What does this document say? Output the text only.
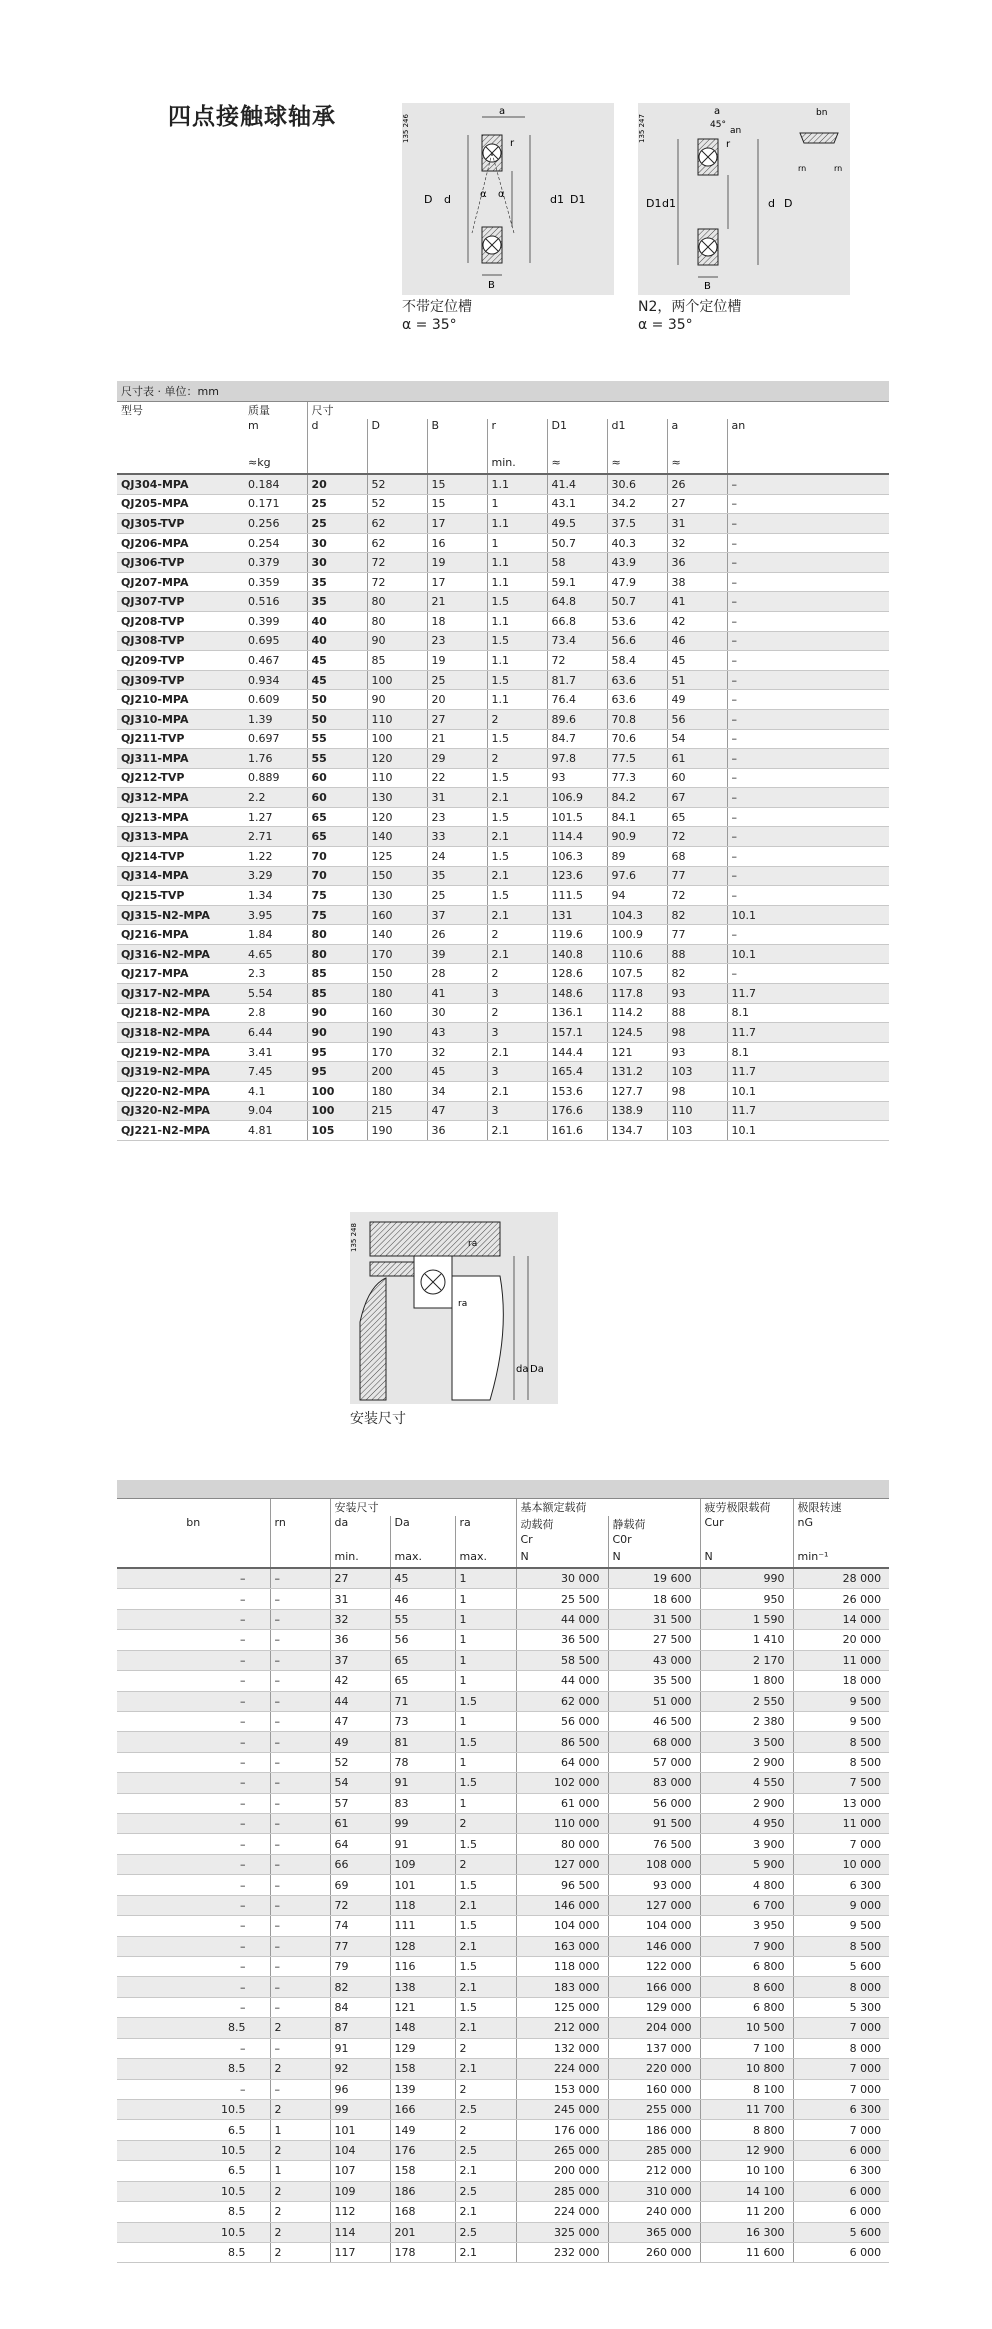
四点接触球轴承	135 246
a
r
α α
D d	d1 D1
B
不带定位槽
α = 35°
135 247
a
45°
r
an
bn
rn	rn
D1 d1	d D
B
N2，两个定位槽
α = 35°
尺寸表 · 单位：mm									
型号	质量	尺寸							
	m	d	D	B	r	D1	d1	a	an

	≈kg				min.	≈	≈	≈	
QJ304-MPA	0.184	20	52	15	1.1	41.4	30.6	26	–
QJ205-MPA	0.171	25	52	15	1	43.1	34.2	27	–
QJ305-TVP	0.256	25	62	17	1.1	49.5	37.5	31	–
QJ206-MPA	0.254	30	62	16	1	50.7	40.3	32	–
QJ306-TVP	0.379	30	72	19	1.1	58	43.9	36	–
QJ207-MPA	0.359	35	72	17	1.1	59.1	47.9	38	–
QJ307-TVP	0.516	35	80	21	1.5	64.8	50.7	41	–
QJ208-TVP	0.399	40	80	18	1.1	66.8	53.6	42	–
QJ308-TVP	0.695	40	90	23	1.5	73.4	56.6	46	–
QJ209-TVP	0.467	45	85	19	1.1	72	58.4	45	–
QJ309-TVP	0.934	45	100	25	1.5	81.7	63.6	51	–
QJ210-MPA	0.609	50	90	20	1.1	76.4	63.6	49	–
QJ310-MPA	1.39	50	110	27	2	89.6	70.8	56	–
QJ211-TVP	0.697	55	100	21	1.5	84.7	70.6	54	–
QJ311-MPA	1.76	55	120	29	2	97.8	77.5	61	–
QJ212-TVP	0.889	60	110	22	1.5	93	77.3	60	–
QJ312-MPA	2.2	60	130	31	2.1	106.9	84.2	67	–
QJ213-MPA	1.27	65	120	23	1.5	101.5	84.1	65	–
QJ313-MPA	2.71	65	140	33	2.1	114.4	90.9	72	–
QJ214-TVP	1.22	70	125	24	1.5	106.3	89	68	–
QJ314-MPA	3.29	70	150	35	2.1	123.6	97.6	77	–
QJ215-TVP	1.34	75	130	25	1.5	111.5	94	72	–
QJ315-N2-MPA	3.95	75	160	37	2.1	131	104.3	82	10.1
QJ216-MPA	1.84	80	140	26	2	119.6	100.9	77	–
QJ316-N2-MPA	4.65	80	170	39	2.1	140.8	110.6	88	10.1
QJ217-MPA	2.3	85	150	28	2	128.6	107.5	82	–
QJ317-N2-MPA	5.54	85	180	41	3	148.6	117.8	93	11.7
QJ218-N2-MPA	2.8	90	160	30	2	136.1	114.2	88	8.1
QJ318-N2-MPA	6.44	90	190	43	3	157.1	124.5	98	11.7
QJ219-N2-MPA	3.41	95	170	32	2.1	144.4	121	93	8.1
QJ319-N2-MPA	7.45	95	200	45	3	165.4	131.2	103	11.7
QJ220-N2-MPA	4.1	100	180	34	2.1	153.6	127.7	98	10.1
QJ320-N2-MPA	9.04	100	215	47	3	176.6	138.9	110	11.7
QJ221-N2-MPA	4.81	105	190	36	2.1	161.6	134.7	103	10.1
135 248	ra
ra
da Da
安装尺寸

		安装尺寸			基本额定载荷		疲劳极限载荷	极限转速
bn	rn	da	Da	ra	动载荷	静载荷	Cur	nG
					Cr	C0r		
		min.	max.	max.	N	N	N	min⁻¹
–	–	27	45	1	30 000	19 600	990	28 000
–	–	31	46	1	25 500	18 600	950	26 000
–	–	32	55	1	44 000	31 500	1 590	14 000
–	–	36	56	1	36 500	27 500	1 410	20 000
–	–	37	65	1	58 500	43 000	2 170	11 000
–	–	42	65	1	44 000	35 500	1 800	18 000
–	–	44	71	1.5	62 000	51 000	2 550	9 500
–	–	47	73	1	56 000	46 500	2 380	9 500
–	–	49	81	1.5	86 500	68 000	3 500	8 500
–	–	52	78	1	64 000	57 000	2 900	8 500
–	–	54	91	1.5	102 000	83 000	4 550	7 500
–	–	57	83	1	61 000	56 000	2 900	13 000
–	–	61	99	2	110 000	91 500	4 950	11 000
–	–	64	91	1.5	80 000	76 500	3 900	7 000
–	–	66	109	2	127 000	108 000	5 900	10 000
–	–	69	101	1.5	96 500	93 000	4 800	6 300
–	–	72	118	2.1	146 000	127 000	6 700	9 000
–	–	74	111	1.5	104 000	104 000	3 950	9 500
–	–	77	128	2.1	163 000	146 000	7 900	8 500
–	–	79	116	1.5	118 000	122 000	6 800	5 600
–	–	82	138	2.1	183 000	166 000	8 600	8 000
–	–	84	121	1.5	125 000	129 000	6 800	5 300
8.5	2	87	148	2.1	212 000	204 000	10 500	7 000
–	–	91	129	2	132 000	137 000	7 100	8 000
8.5	2	92	158	2.1	224 000	220 000	10 800	7 000
–	–	96	139	2	153 000	160 000	8 100	7 000
10.5	2	99	166	2.5	245 000	255 000	11 700	6 300
6.5	1	101	149	2	176 000	186 000	8 800	7 000
10.5	2	104	176	2.5	265 000	285 000	12 900	6 000
6.5	1	107	158	2.1	200 000	212 000	10 100	6 300
10.5	2	109	186	2.5	285 000	310 000	14 100	6 000
8.5	2	112	168	2.1	224 000	240 000	11 200	6 000
10.5	2	114	201	2.5	325 000	365 000	16 300	5 600
8.5	2	117	178	2.1	232 000	260 000	11 600	6 000
